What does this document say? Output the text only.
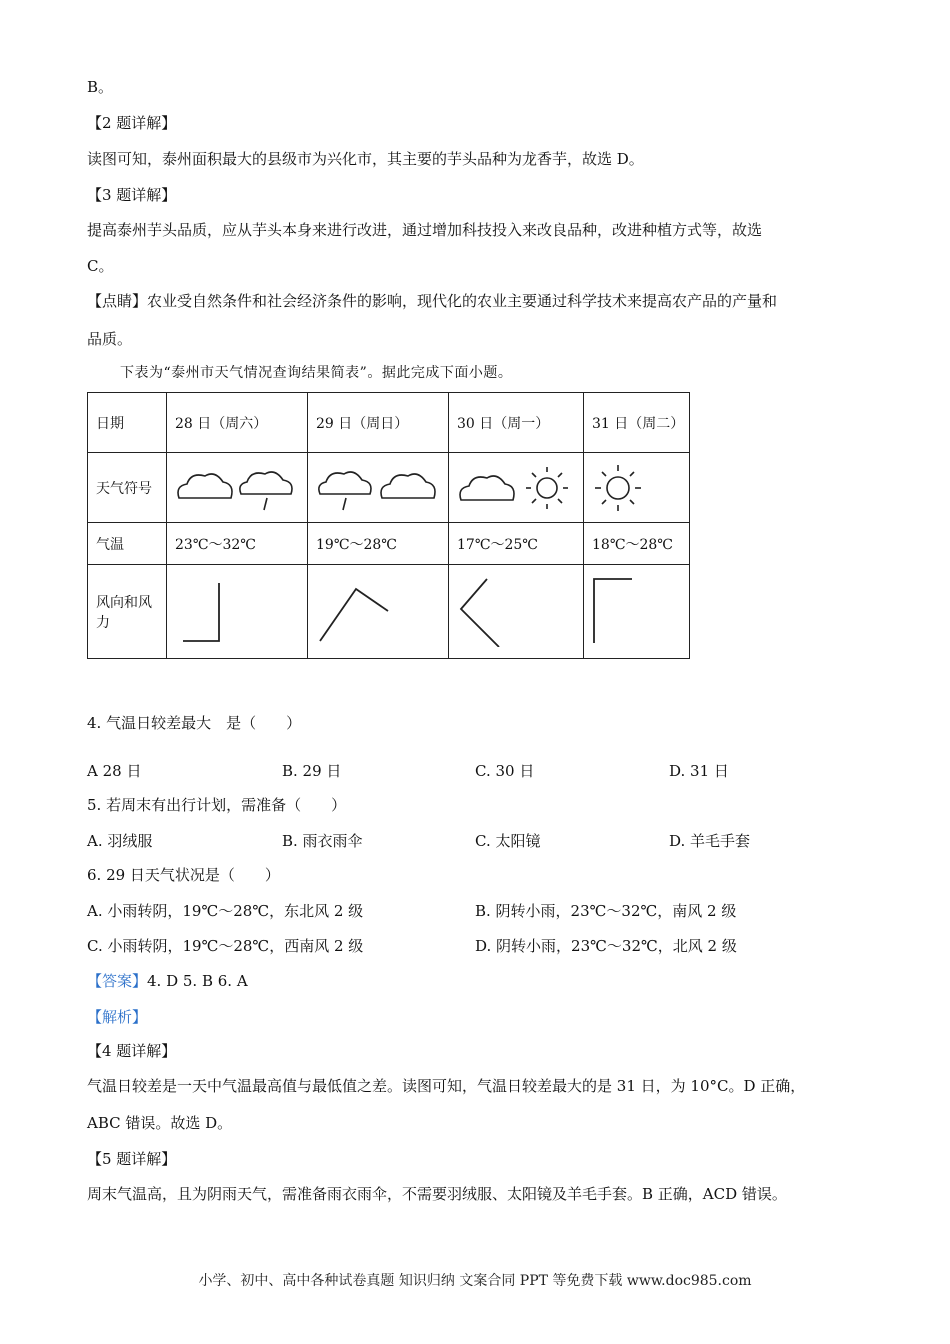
B。
【2 题详解】
读图可知，泰州面积最大的县级市为兴化市，其主要的芋头品种为龙香芋，故选 D。
【3 题详解】
提高泰州芋头品质，应从芋头本身来进行改进，通过增加科技投入来改良品种，改进种植方式等，故选
C。
【点睛】农业受自然条件和社会经济条件的影响，现代化的农业主要通过科学技术来提高农产品的产量和
品质。
下表为“泰州市天气情况查询结果简表”。据此完成下面小题。
日期	28 日（周六）	29 日（周日）	30 日（周一）	31 日（周二）
天气符号	

气温	23℃～32℃	19℃～28℃	17℃～25℃	18℃～28℃
风向和风力	

4. 气温日较差最大　是（　　）
A 28 日	B. 29 日	C. 30 日	D. 31 日
5. 若周末有出行计划，需准备（　　）
A. 羽绒服	B. 雨衣雨伞	C. 太阳镜	D. 羊毛手套
6. 29 日天气状况是（　　）
A. 小雨转阴，19℃～28℃，东北风 2 级	B. 阴转小雨，23℃～32℃，南风 2 级
C. 小雨转阴，19℃～28℃，西南风 2 级	D. 阴转小雨，23℃～32℃，北风 2 级
【答案】4. D 5. B 6. A
【解析】
【4 题详解】
气温日较差是一天中气温最高值与最低值之差。读图可知，气温日较差最大的是 31 日，为 10°C。D 正确，
ABC 错误。故选 D。
【5 题详解】
周末气温高，且为阴雨天气，需准备雨衣雨伞，不需要羽绒服、太阳镜及羊毛手套。B 正确，ACD 错误。
小学、初中、高中各种试卷真题 知识归纳 文案合同 PPT 等免费下载 www.doc985.com
